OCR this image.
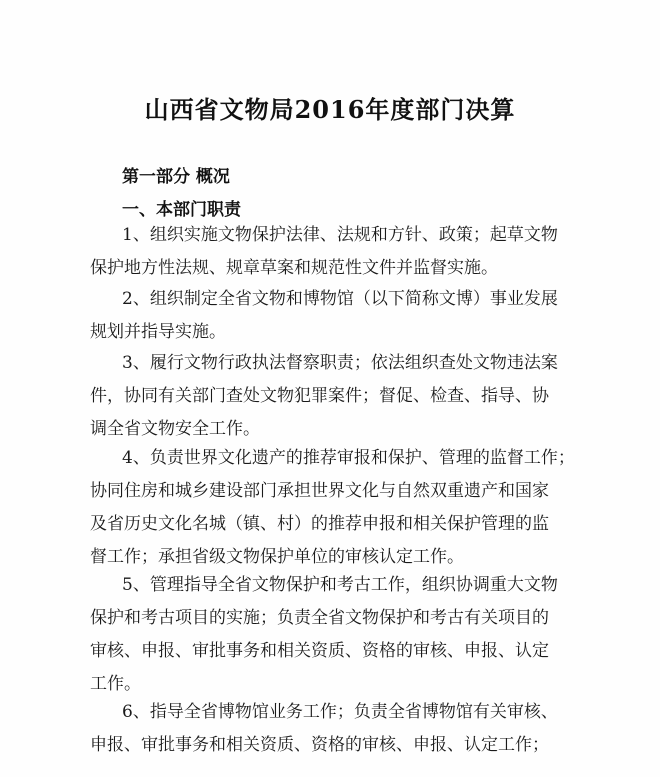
山西省文物局2016年度部门决算
第一部分 概况
一、本部门职责
1、组织实施文物保护法律、法规和方针、政策；起草文物
保护地方性法规、规章草案和规范性文件并监督实施。
2、组织制定全省文物和博物馆（以下简称文博）事业发展
规划并指导实施。
3、履行文物行政执法督察职责；依法组织查处文物违法案
件，协同有关部门查处文物犯罪案件；督促、检查、指导、协
调全省文物安全工作。
4、负责世界文化遗产的推荐审报和保护、管理的监督工作；
协同住房和城乡建设部门承担世界文化与自然双重遗产和国家
及省历史文化名城（镇、村）的推荐申报和相关保护管理的监
督工作；承担省级文物保护单位的审核认定工作。
5、管理指导全省文物保护和考古工作，组织协调重大文物
保护和考古项目的实施；负责全省文物保护和考古有关项目的
审核、申报、审批事务和相关资质、资格的审核、申报、认定
工作。
6、指导全省博物馆业务工作；负责全省博物馆有关审核、
申报、审批事务和相关资质、资格的审核、申报、认定工作；
